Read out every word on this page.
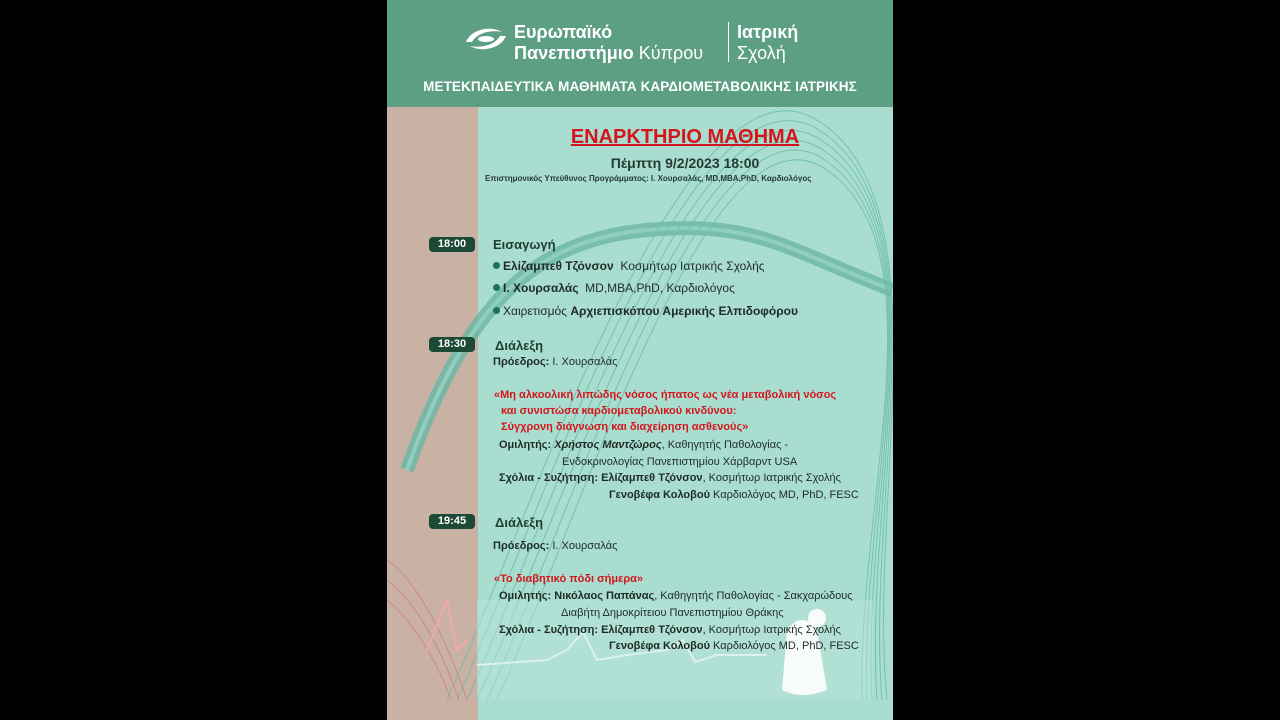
Ευρωπαϊκό
Πανεπιστήμιο Κύπρου
Ιατρική
Σχολή
ΜΕΤΕΚΠΑΙΔΕΥΤΙΚΑ ΜΑΘΗΜΑΤΑ ΚΑΡΔΙΟΜΕΤΑΒΟΛΙΚΗΣ ΙΑΤΡΙΚΗΣ
ΕΝΑΡΚΤΗΡΙΟ ΜΑΘΗΜΑ
Πέμπτη 9/2/2023 18:00
Επιστημονικός Υπεύθυνος Προγράμματος: Ι. Χουρσαλάς, MD,MBA,PhD, Καρδιολόγος
18:00	Εισαγωγή
Ελίζαμπεθ Τζόνσον Κοσμήτωρ Ιατρικής Σχολής
Ι. Χουρσαλάς MD,MBA,PhD, Καρδιολόγος
Χαιρετισμός Αρχιεπισκόπου Αμερικής Ελπιδοφόρου
18:30	Διάλεξη
Πρόεδρος: Ι. Χουρσαλάς
«Μη αλκοολική λιπώδης νόσος ήπατος ως νέα μεταβολική νόσος
και συνιστώσα καρδιομεταβολικού κινδύνου:
Σύγχρονη διάγνωση και διαχείρηση ασθενούς»
Ομιλητής: Χρήστος Μαντζώρος, Καθηγητής Παθολογίας -
Ενδοκρινολογίας Πανεπιστημίου Χάρβαρντ USA
Σχόλια - Συζήτηση: Ελίζαμπεθ Τζόνσον, Κοσμήτωρ Ιατρικής Σχολής
Γενοβέφα Κολοβού Καρδιολόγος MD, PhD, FESC
19:45	Διάλεξη
Πρόεδρος: Ι. Χουρσαλάς
«Το διαβητικό πόδι σήμερα»
Ομιλητής: Νικόλαος Παπάνας, Καθηγητής Παθολογίας - Σακχαρώδους
Διαβήτη Δημοκρίτειου Πανεπιστημίου Θράκης
Σχόλια - Συζήτηση: Ελίζαμπεθ Τζόνσον, Κοσμήτωρ Ιατρικής Σχολής
Γενοβέφα Κολοβού Καρδιολόγος MD, PhD, FESC
